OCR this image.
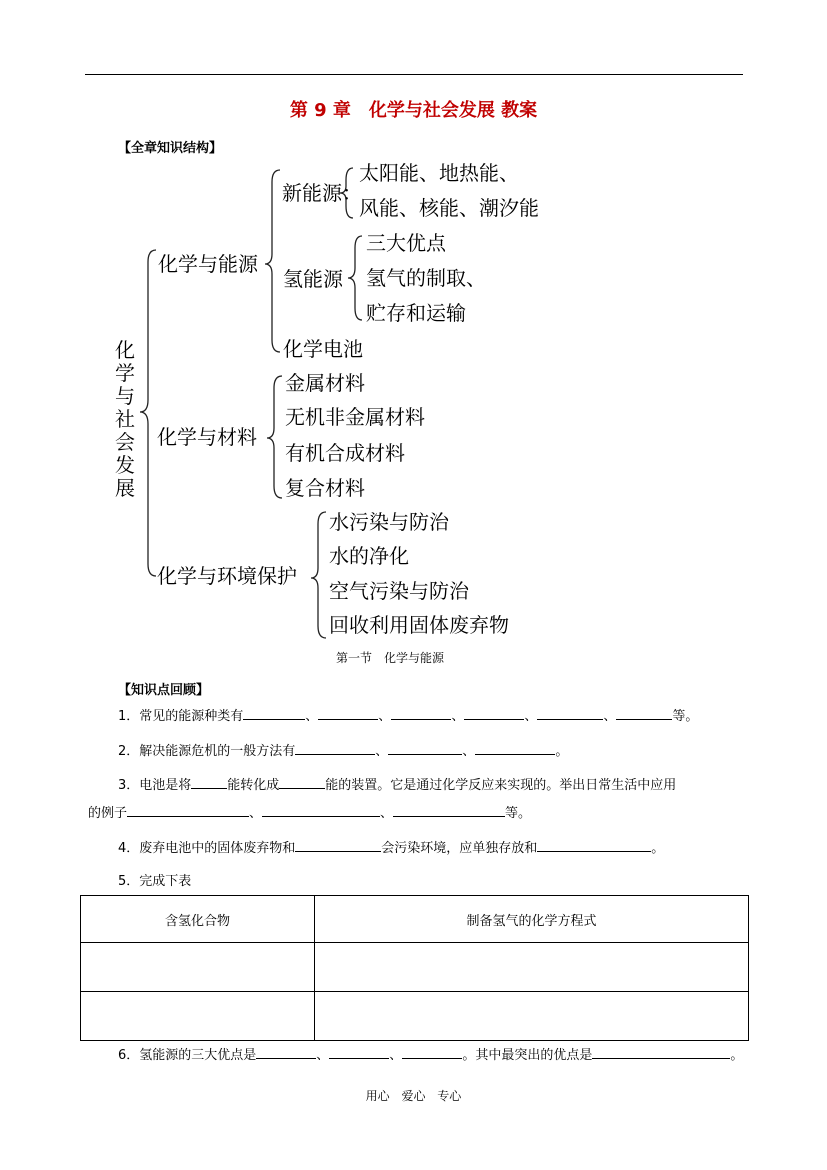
第 9 章　化学与社会发展 教案
【全章知识结构】
化学与社会发展
化学与能源
新能源：
太阳能、地热能、
风能、核能、潮汐能
氢能源
三大优点
氢气的制取、
贮存和运输
化学电池
化学与材料
金属材料
无机非金属材料
有机合成材料
复合材料
化学与环境保护
水污染与防治
水的净化
空气污染与防治
回收利用固体废弃物
第一节　化学与能源
【知识点回顾】
1．常见的能源种类有	、	、	、	、	、	等。
2．解决能源危机的一般方法有	、	、	。
3．电池是将	能转化成	能的装置。它是通过化学反应来实现的。举出日常生活中应用
的例子	、	、	等。
4．废弃电池中的固体废弃物和	会污染环境，应单独存放和	。
5．完成下表
含氢化合物	制备氢气的化学方程式

6．氢能源的三大优点是	、	、	。其中最突出的优点是	。
用心 爱心 专心
